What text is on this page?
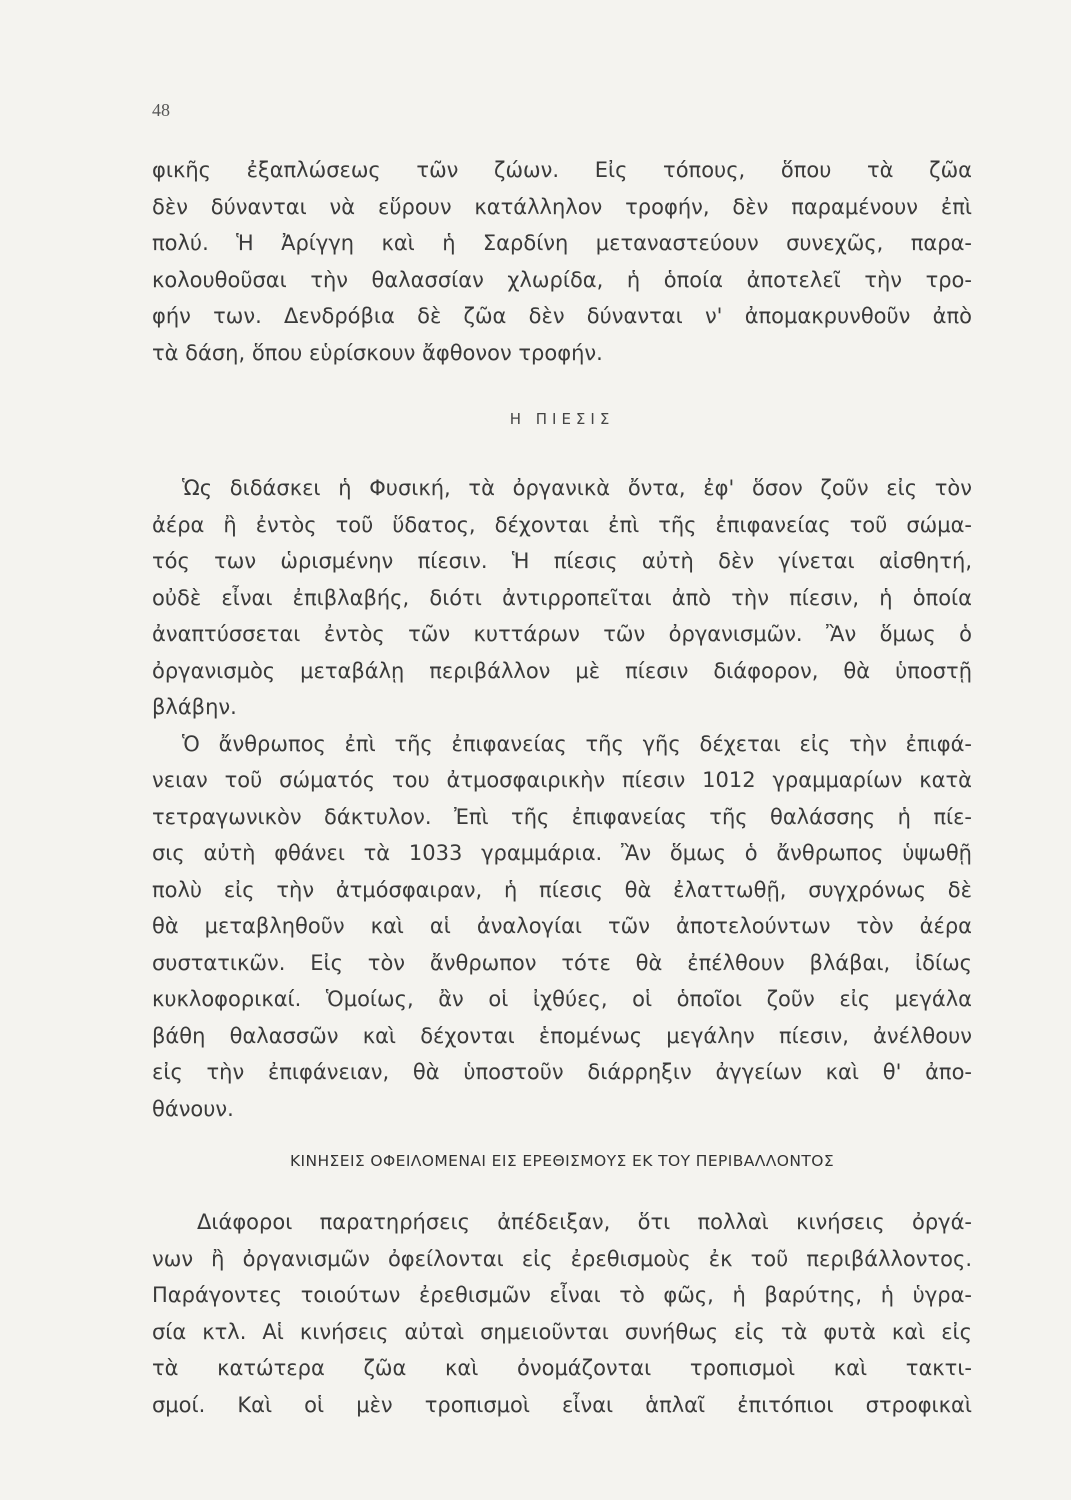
48
φικῆς ἐξαπλώσεως τῶν ζώων. Εἰς τόπους, ὅπου τὰ ζῶα
δὲν δύνανται νὰ εὕρουν κατάλληλον τροφήν, δὲν παραμένουν ἐπὶ
πολύ. Ἡ Ἀρίγγη καὶ ἡ Σαρδίνη μεταναστεύουν συνεχῶς, παρα-
κολουθοῦσαι τὴν θαλασσίαν χλωρίδα, ἡ ὁποία ἀποτελεῖ τὴν τρο-
φήν των. Δενδρόβια δὲ ζῶα δὲν δύνανται ν' ἀπομακρυνθοῦν ἀπὸ
τὰ δάση, ὅπου εὑρίσκουν ἄφθονον τροφήν.
Η ΠΙΕΣΙΣ
Ὡς διδάσκει ἡ Φυσική, τὰ ὀργανικὰ ὄντα, ἐφ' ὅσον ζοῦν εἰς τὸν
ἀέρα ἢ ἐντὸς τοῦ ὕδατος, δέχονται ἐπὶ τῆς ἐπιφανείας τοῦ σώμα-
τός των ὡρισμένην πίεσιν. Ἡ πίεσις αὐτὴ δὲν γίνεται αἰσθητή,
οὐδὲ εἶναι ἐπιβλαβής, διότι ἀντιρροπεῖται ἀπὸ τὴν πίεσιν, ἡ ὁποία
ἀναπτύσσεται ἐντὸς τῶν κυττάρων τῶν ὀργανισμῶν. Ἂν ὅμως ὁ
ὀργανισμὸς μεταβάλῃ περιβάλλον μὲ πίεσιν διάφορον, θὰ ὑποστῇ
βλάβην.
Ὁ ἄνθρωπος ἐπὶ τῆς ἐπιφανείας τῆς γῆς δέχεται εἰς τὴν ἐπιφά-
νειαν τοῦ σώματός του ἀτμοσφαιρικὴν πίεσιν 1012 γραμμαρίων κατὰ
τετραγωνικὸν δάκτυλον. Ἐπὶ τῆς ἐπιφανείας τῆς θαλάσσης ἡ πίε-
σις αὐτὴ φθάνει τὰ 1033 γραμμάρια. Ἂν ὅμως ὁ ἄνθρωπος ὑψωθῇ
πολὺ εἰς τὴν ἀτμόσφαιραν, ἡ πίεσις θὰ ἐλαττωθῇ, συγχρόνως δὲ
θὰ μεταβληθοῦν καὶ αἱ ἀναλογίαι τῶν ἀποτελούντων τὸν ἀέρα
συστατικῶν. Εἰς τὸν ἄνθρωπον τότε θὰ ἐπέλθουν βλάβαι, ἰδίως
κυκλοφορικαί. Ὁμοίως, ἂν οἱ ἰχθύες, οἱ ὁποῖοι ζοῦν εἰς μεγάλα
βάθη θαλασσῶν καὶ δέχονται ἑπομένως μεγάλην πίεσιν, ἀνέλθουν
εἰς τὴν ἐπιφάνειαν, θὰ ὑποστοῦν διάρρηξιν ἀγγείων καὶ θ' ἀπο-
θάνουν.
ΚΙΝΗΣΕΙΣ ΟΦΕΙΛΟΜΕΝΑΙ ΕΙΣ ΕΡΕΘΙΣΜΟΥΣ ΕΚ ΤΟΥ ΠΕΡΙΒΑΛΛΟΝΤΟΣ
Διάφοροι παρατηρήσεις ἀπέδειξαν, ὅτι πολλαὶ κινήσεις ὀργά-
νων ἢ ὀργανισμῶν ὀφείλονται εἰς ἐρεθισμοὺς ἐκ τοῦ περιβάλλοντος.
Παράγοντες τοιούτων ἐρεθισμῶν εἶναι τὸ φῶς, ἡ βαρύτης, ἡ ὑγρα-
σία κτλ. Αἱ κινήσεις αὐταὶ σημειοῦνται συνήθως εἰς τὰ φυτὰ καὶ εἰς
τὰ κατώτερα ζῶα καὶ ὀνομάζονται τροπισμοὶ καὶ τακτι-
σμοί. Καὶ οἱ μὲν τροπισμοὶ εἶναι ἁπλαῖ ἐπιτόπιοι στροφικαὶ
